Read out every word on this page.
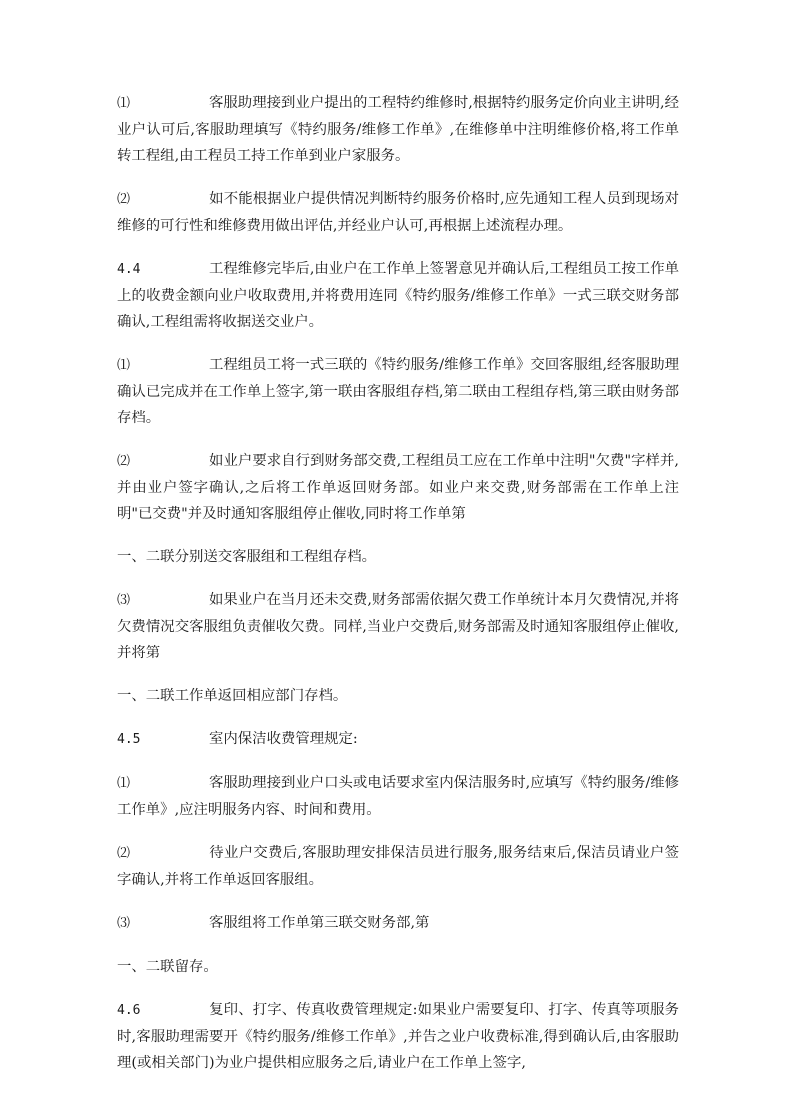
⑴	客服助理接到业户提出的工程特约维修时,根据特约服务定价向业主讲明,经业户认可后,客服助理填写《特约服务/维修工作单》,在维修单中注明维修价格,将工作单转工程组,由工程员工持工作单到业户家服务。

⑵	如不能根据业户提供情况判断特约服务价格时,应先通知工程人员到现场对维修的可行性和维修费用做出评估,并经业户认可,再根据上述流程办理。

4.4	工程维修完毕后,由业户在工作单上签署意见并确认后,工程组员工按工作单上的收费金额向业户收取费用,并将费用连同《特约服务/维修工作单》一式三联交财务部确认,工程组需将收据送交业户。

⑴	工程组员工将一式三联的《特约服务/维修工作单》交回客服组,经客服助理确认已完成并在工作单上签字,第一联由客服组存档,第二联由工程组存档,第三联由财务部存档。

⑵	如业户要求自行到财务部交费,工程组员工应在工作单中注明"欠费"字样并,并由业户签字确认,之后将工作单返回财务部。如业户来交费,财务部需在工作单上注明"已交费"并及时通知客服组停止催收,同时将工作单第

一、二联分别送交客服组和工程组存档。

⑶	如果业户在当月还未交费,财务部需依据欠费工作单统计本月欠费情况,并将欠费情况交客服组负责催收欠费。同样,当业户交费后,财务部需及时通知客服组停止催收,并将第

一、二联工作单返回相应部门存档。

4.5	室内保洁收费管理规定:

⑴	客服助理接到业户口头或电话要求室内保洁服务时,应填写《特约服务/维修工作单》,应注明服务内容、时间和费用。

⑵	待业户交费后,客服助理安排保洁员进行服务,服务结束后,保洁员请业户签字确认,并将工作单返回客服组。

⑶	客服组将工作单第三联交财务部,第

一、二联留存。

4.6	复印、打字、传真收费管理规定:如果业户需要复印、打字、传真等项服务时,客服助理需要开《特约服务/维修工作单》,并告之业户收费标准,得到确认后,由客服助理(或相关部门)为业户提供相应服务之后,请业户在工作单上签字,
